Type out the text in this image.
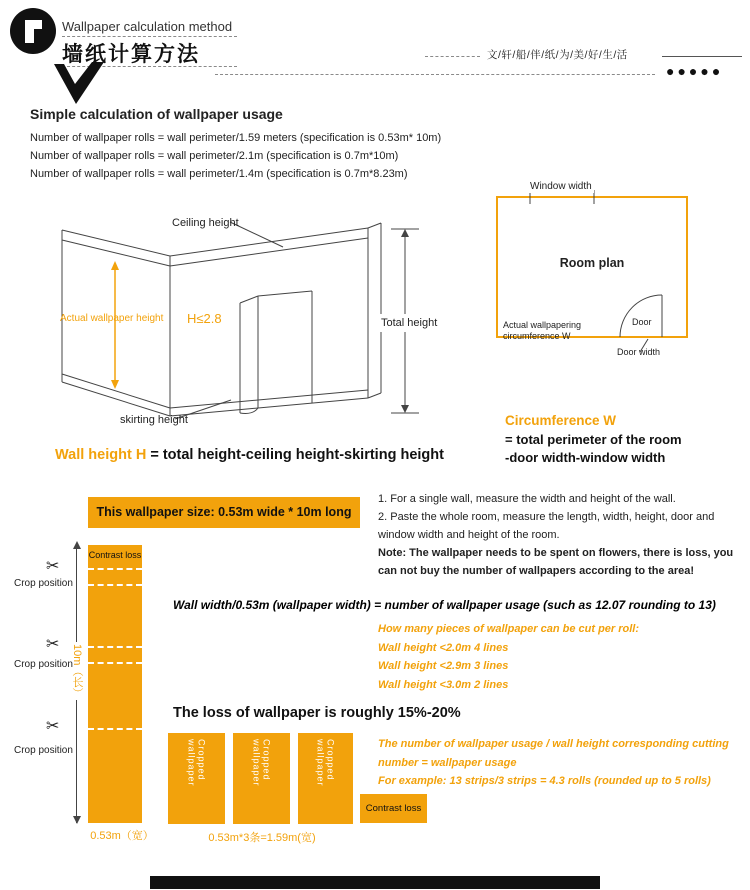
Wallpaper calculation method
墙纸计算方法	文/轩/船/伴/纸/为/美/好/生/活
●●●●●
Simple calculation of wallpaper usage
Number of wallpaper rolls = wall perimeter/1.59 meters (specification is 0.53m* 10m)
Number of wallpaper rolls = wall perimeter/2.1m (specification is 0.7m*10m)
Number of wallpaper rolls = wall perimeter/1.4m (specification is 0.7m*8.23m)
Ceiling height
Actual wallpaper height H≤2.8	Total height
skirting height
Wall height H = total height-ceiling height-skirting height
Window width
Room plan
Actual wallpapering
circumference W
Door
Door width
Circumference W
= total perimeter of the room
-door width-window width
This wallpaper size: 0.53m wide * 10m long
1. For a single wall, measure the width and height of the wall.
2. Paste the whole room, measure the length, width, height, door and window width and height of the room.
Note: The wallpaper needs to be spent on flowers, there is loss, you can not buy the number of wallpapers according to the area!
10m（长）
Contrast loss
✂
Crop position
✂
Crop position
✂
Crop position
0.53m（宽）
Wall width/0.53m (wallpaper width) = number of wallpaper usage (such as 12.07 rounding to 13)
How many pieces of wallpaper can be cut per roll:
Wall height <2.0m 4 lines
Wall height <2.9m 3 lines
Wall height <3.0m 2 lines
The loss of wallpaper is roughly 15%-20%
Cropped wallpaper	Cropped wallpaper	Cropped wallpaper
0.53m*3条=1.59m(宽)
Contrast loss
The number of wallpaper usage / wall height corresponding cutting number = wallpaper usage
For example: 13 strips/3 strips = 4.3 rolls (rounded up to 5 rolls)
